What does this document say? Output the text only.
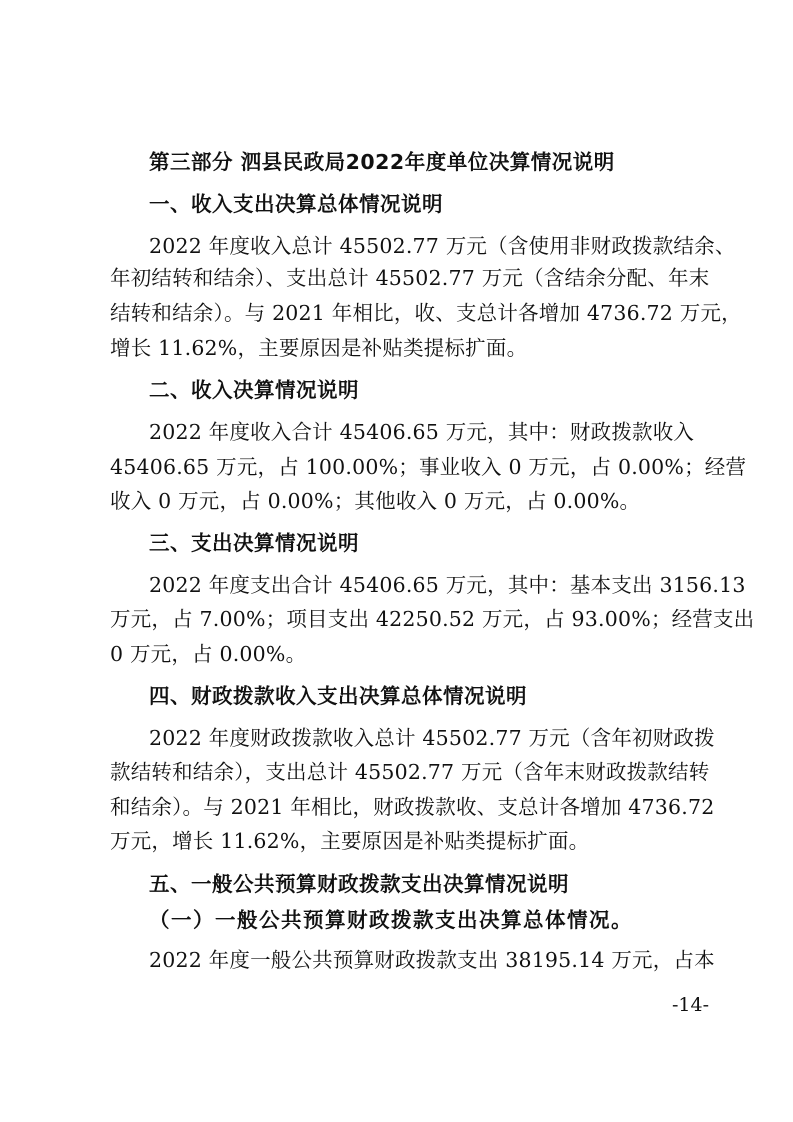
第三部分 泗县民政局2022年度单位决算情况说明
一、收入支出决算总体情况说明
2022 年度收入总计 45502.77 万元（含使用非财政拨款结余、
年初结转和结余）、支出总计 45502.77 万元（含结余分配、年末
结转和结余）。与 2021 年相比，收、支总计各增加 4736.72 万元，
增长 11.62%，主要原因是补贴类提标扩面。
二、收入决算情况说明
2022 年度收入合计 45406.65 万元，其中：财政拨款收入
45406.65 万元，占 100.00%；事业收入 0 万元，占 0.00%；经营
收入 0 万元，占 0.00%；其他收入 0 万元，占 0.00%。
三、支出决算情况说明
2022 年度支出合计 45406.65 万元，其中：基本支出 3156.13
万元，占 7.00%；项目支出 42250.52 万元，占 93.00%；经营支出
0 万元，占 0.00%。
四、财政拨款收入支出决算总体情况说明
2022 年度财政拨款收入总计 45502.77 万元（含年初财政拨
款结转和结余），支出总计 45502.77 万元（含年末财政拨款结转
和结余）。与 2021 年相比，财政拨款收、支总计各增加 4736.72
万元，增长 11.62%，主要原因是补贴类提标扩面。
五、一般公共预算财政拨款支出决算情况说明
（一）一般公共预算财政拨款支出决算总体情况。
2022 年度一般公共预算财政拨款支出 38195.14 万元，占本
-14-
